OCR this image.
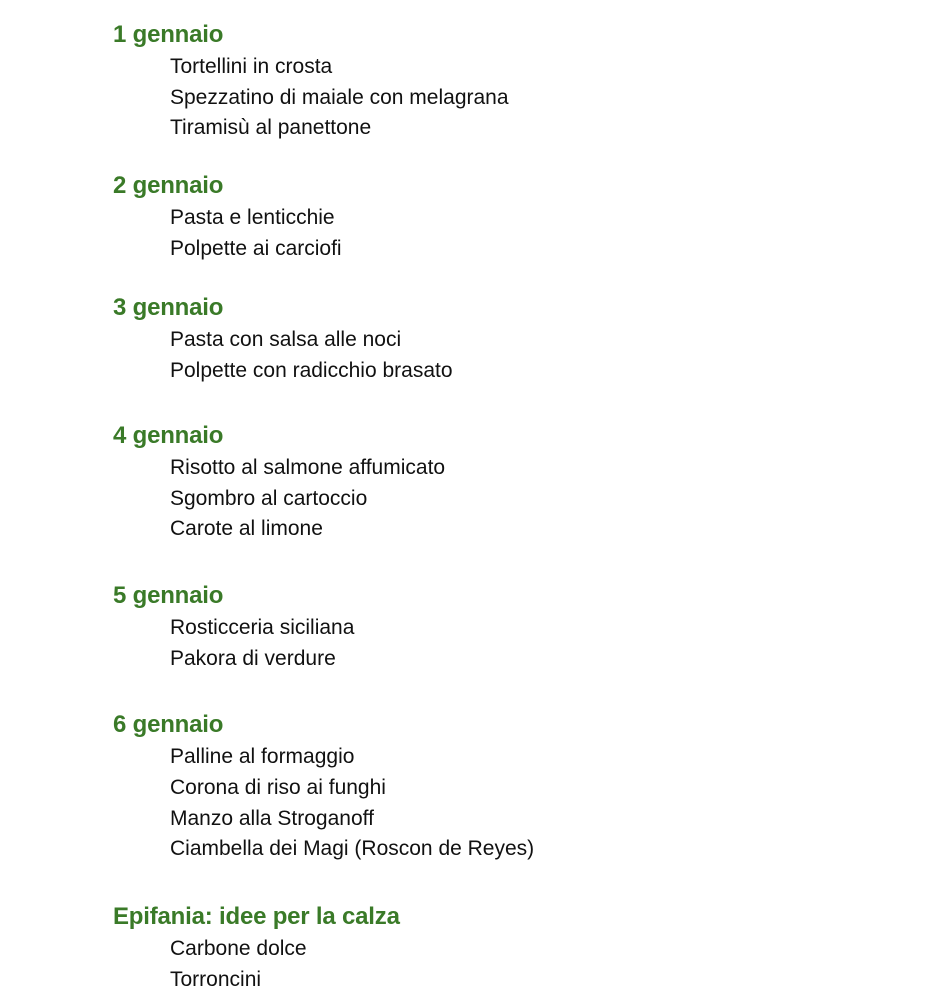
1 gennaio
Tortellini in crosta
Spezzatino di maiale con melagrana
Tiramisù al panettone
2 gennaio
Pasta e lenticchie
Polpette ai carciofi
3 gennaio
Pasta con salsa alle noci
Polpette con radicchio brasato
4 gennaio
Risotto al salmone affumicato
Sgombro al cartoccio
Carote al limone
5 gennaio
Rosticceria siciliana
Pakora di verdure
6 gennaio
Palline al formaggio
Corona di riso ai funghi
Manzo alla Stroganoff
Ciambella dei Magi (Roscon de Reyes)
Epifania: idee per la calza
Carbone dolce
Torroncini
